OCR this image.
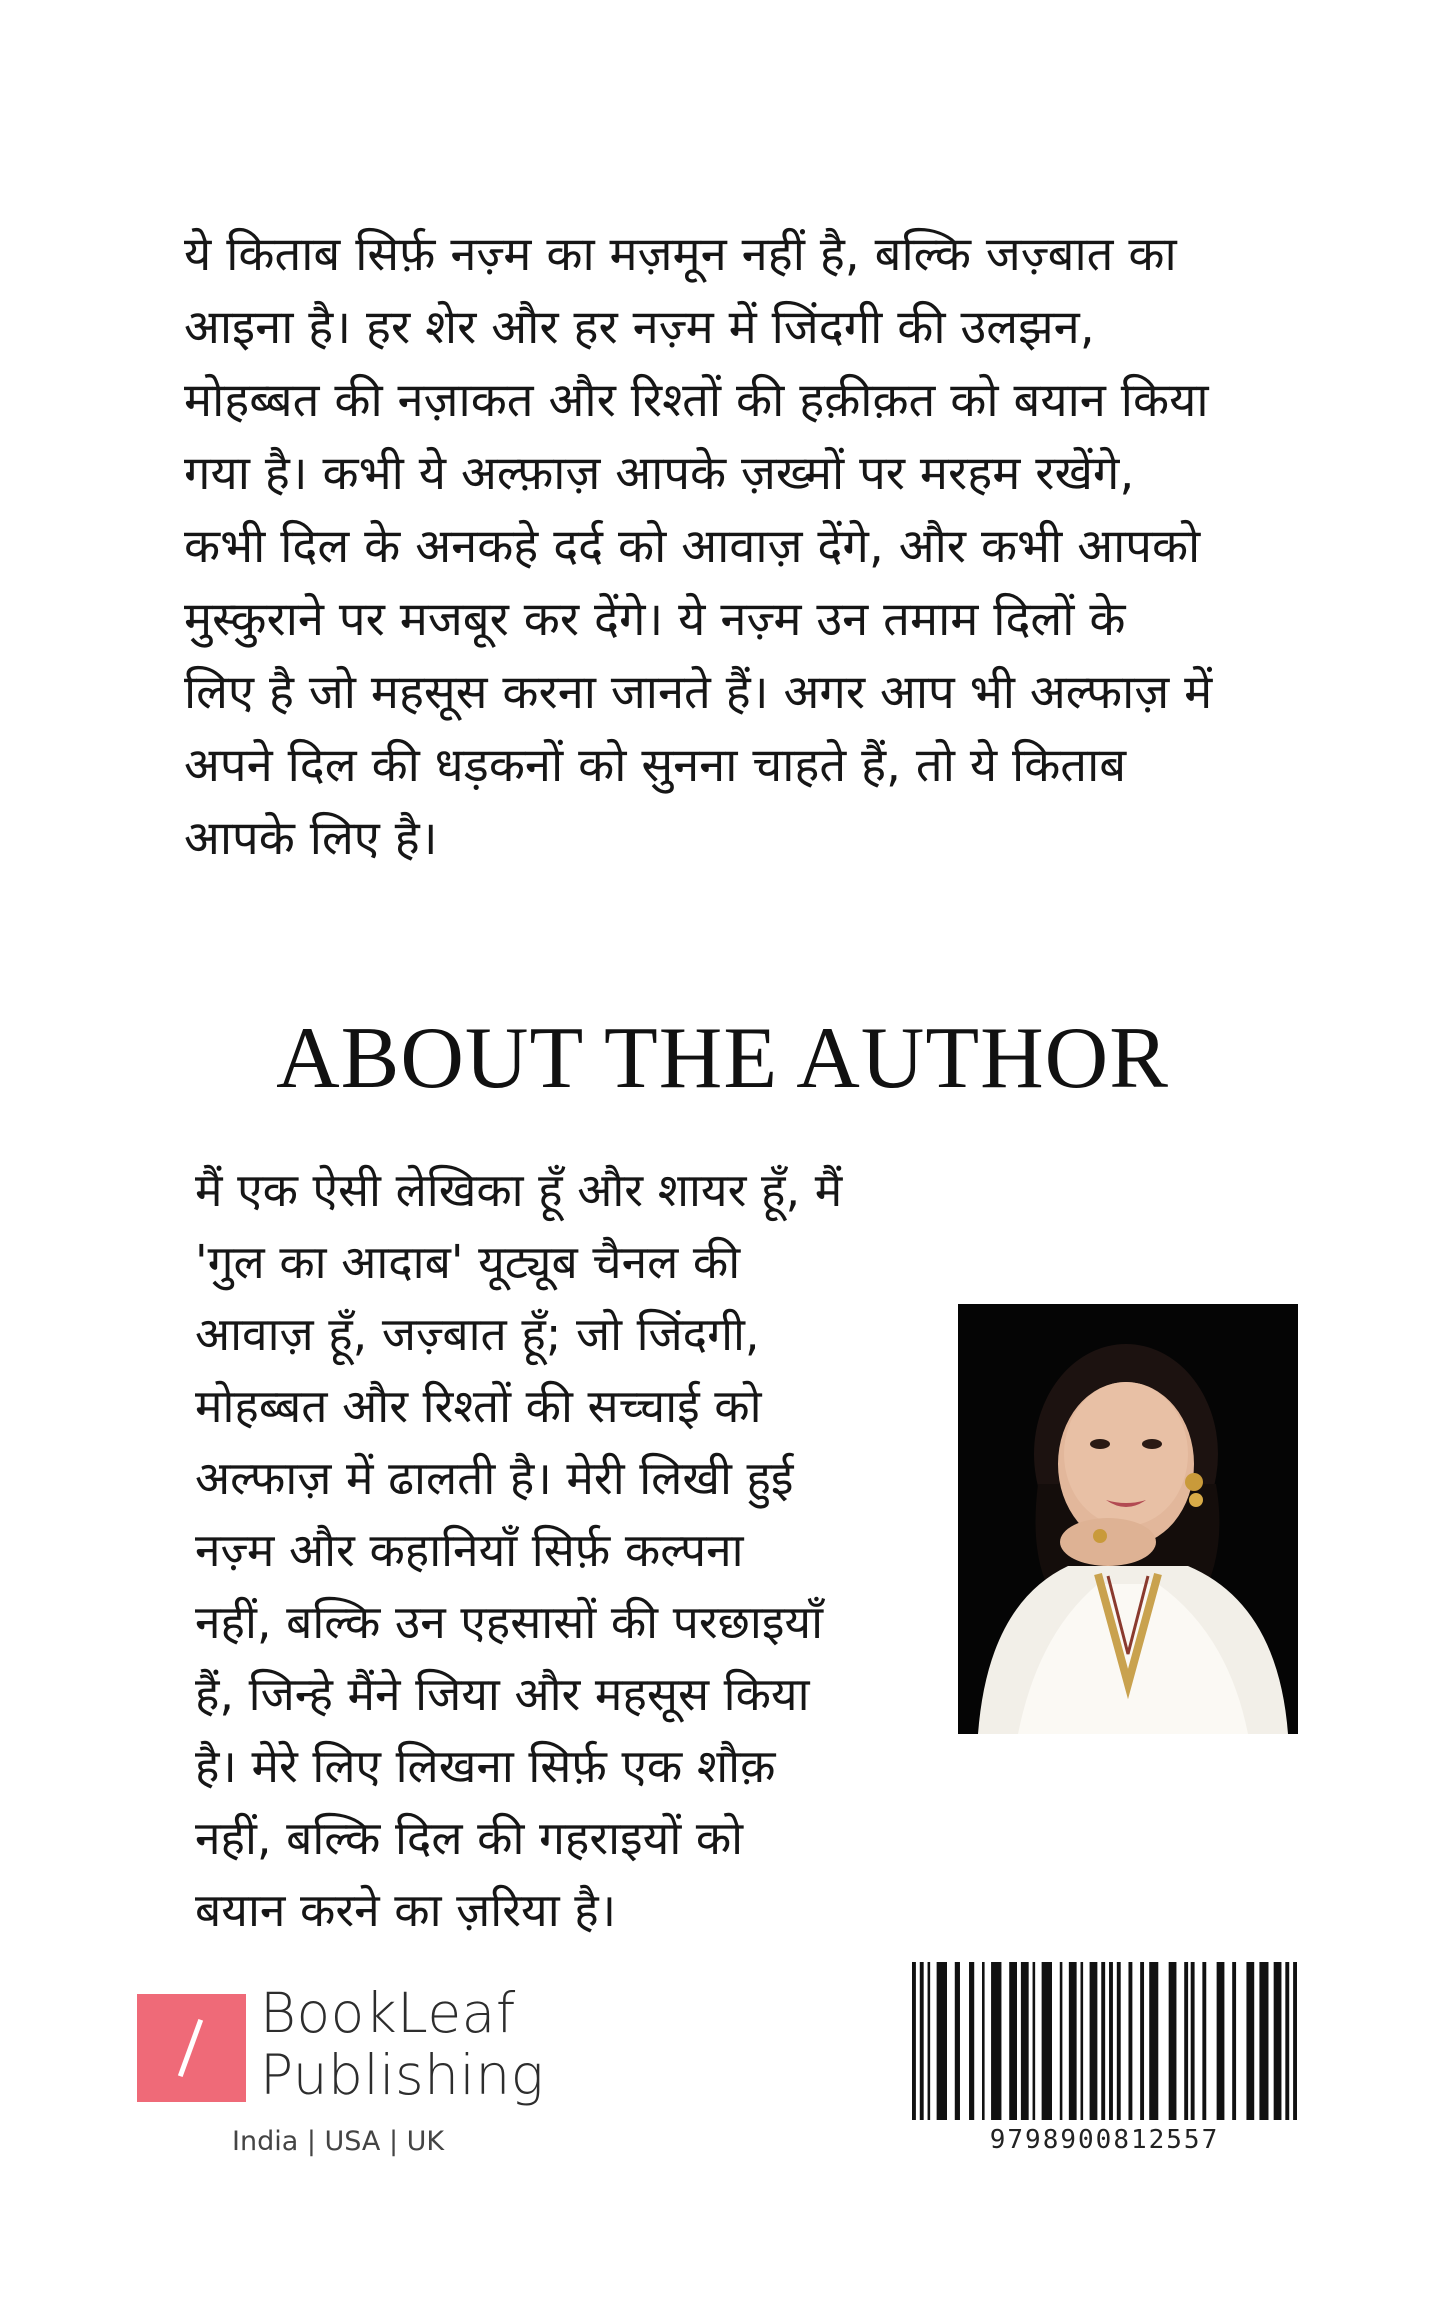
ये किताब सिर्फ़ नज़्म का मज़मून नहीं है, बल्कि जज़्बात का
आइना है। हर शेर और हर नज़्म में जिंदगी की उलझन,
मोहब्बत की नज़ाकत और रिश्तों की हक़ीक़त को बयान किया
गया है। कभी ये अल्फ़ाज़ आपके ज़ख्मों पर मरहम रखेंगे,
कभी दिल के अनकहे दर्द को आवाज़ देंगे, और कभी आपको
मुस्कुराने पर मजबूर कर देंगे। ये नज़्म उन तमाम दिलों के
लिए है जो महसूस करना जानते हैं। अगर आप भी अल्फाज़ में
अपने दिल की धड़कनों को सुनना चाहते हैं, तो ये किताब
आपके लिए है।
ABOUT THE AUTHOR
मैं एक ऐसी लेखिका हूँ और शायर हूँ, मैं
'गुल का आदाब' यूट्यूब चैनल की
आवाज़ हूँ, जज़्बात हूँ; जो जिंदगी,
मोहब्बत और रिश्तों की सच्चाई को
अल्फाज़ में ढालती है। मेरी लिखी हुई
नज़्म और कहानियाँ सिर्फ़ कल्पना
नहीं, बल्कि उन एहसासों की परछाइयाँ
हैं, जिन्हे मैंने जिया और महसूस किया
है। मेरे लिए लिखना सिर्फ़ एक शौक़
नहीं, बल्कि दिल की गहराइयों को
बयान करने का ज़रिया है।
BookLeaf
Publishing
India | USA | UK	9798900812557
